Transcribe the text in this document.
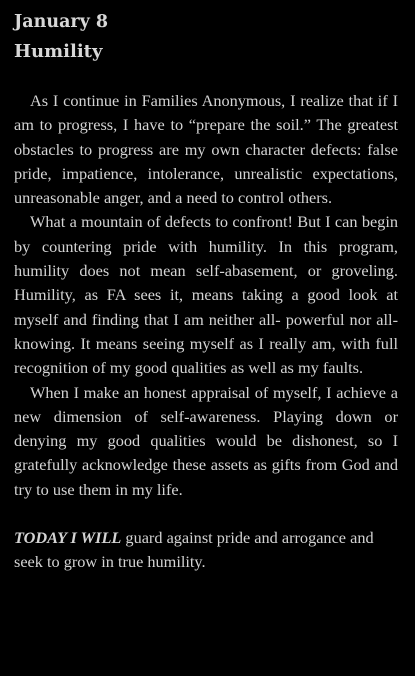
January 8
Humility

As I continue in Families Anonymous, I realize that if I am to progress, I have to “prepare the soil.” The greatest obstacles to progress are my own character defects: false pride, impatience, intolerance, unrealistic expectations, unreasonable anger, and a need to control others.

What a mountain of defects to confront! But I can begin by countering pride with humility. In this program, humility does not mean self-abasement, or groveling. Humility, as FA sees it, means taking a good look at myself and finding that I am neither all- powerful nor all-knowing. It means seeing myself as I really am, with full recognition of my good qualities as well as my faults.

When I make an honest appraisal of myself, I achieve a new dimension of self-awareness. Playing down or denying my good qualities would be dishonest, so I gratefully acknowledge these assets as gifts from God and try to use them in my life.

TODAY I WILL guard against pride and arrogance and seek to grow in true humility.
